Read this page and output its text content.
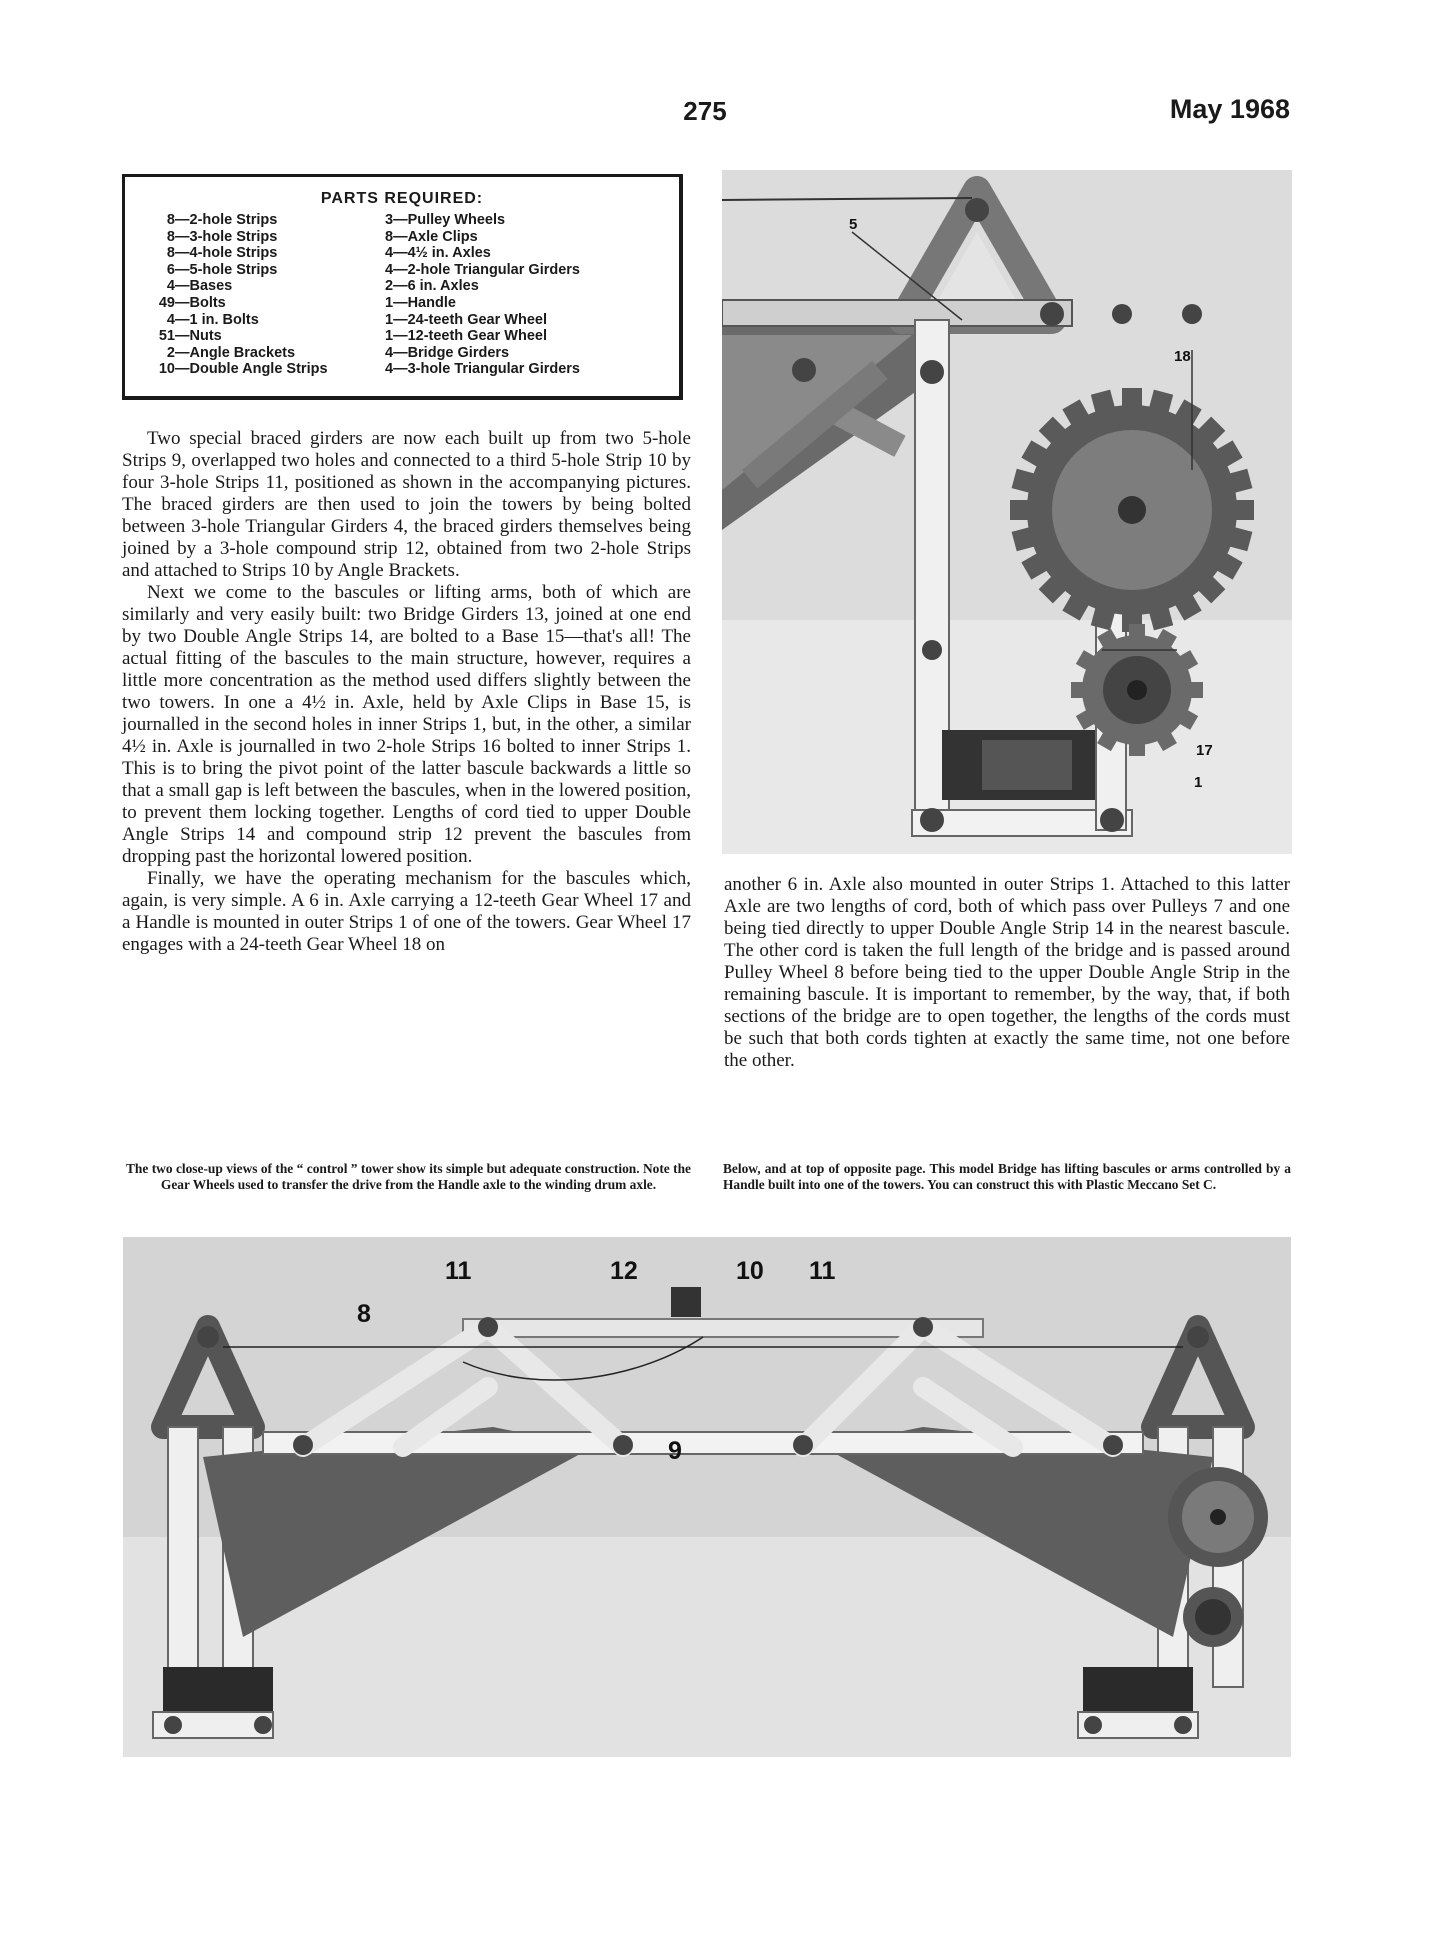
275	May 1968
PARTS REQUIRED:
8 — 2-hole Strips
8 — 3-hole Strips
8 — 4-hole Strips
6 — 5-hole Strips
4 — Bases
49 — Bolts
4 — 1 in. Bolts
51 — Nuts
2 — Angle Brackets
10 — Double Angle Strips
3—Pulley Wheels
8—Axle Clips
4—4½ in. Axles
4—2-hole Triangular Girders
2—6 in. Axles
1—Handle
1—24-teeth Gear Wheel
1—12-teeth Gear Wheel
4—Bridge Girders
4—3-hole Triangular Girders

Two special braced girders are now each built up from two 5-hole Strips 9, overlapped two holes and connected to a third 5-hole Strip 10 by four 3-hole Strips 11, positioned as shown in the accompanying pictures. The braced girders are then used to join the towers by being bolted between 3-hole Triangular Girders 4, the braced girders themselves being joined by a 3-hole compound strip 12, obtained from two 2-hole Strips and attached to Strips 10 by Angle Brackets.

Next we come to the bascules or lifting arms, both of which are similarly and very easily built: two Bridge Girders 13, joined at one end by two Double Angle Strips 14, are bolted to a Base 15—that's all! The actual fitting of the bascules to the main structure, however, requires a little more concentration as the method used differs slightly between the two towers. In one a 4½ in. Axle, held by Axle Clips in Base 15, is journalled in the second holes in inner Strips 1, but, in the other, a similar 4½ in. Axle is journalled in two 2-hole Strips 16 bolted to inner Strips 1. This is to bring the pivot point of the latter bascule backwards a little so that a small gap is left between the bascules, when in the lowered position, to prevent them locking together. Lengths of cord tied to upper Double Angle Strips 14 and compound strip 12 prevent the bascules from dropping past the horizontal lowered position.

Finally, we have the operating mechanism for the bascules which, again, is very simple. A 6 in. Axle carrying a 12-teeth Gear Wheel 17 and a Handle is mounted in outer Strips 1 of one of the towers. Gear Wheel 17 engages with a 24-teeth Gear Wheel 18 on

another 6 in. Axle also mounted in outer Strips 1. Attached to this latter Axle are two lengths of cord, both of which pass over Pulleys 7 and one being tied directly to upper Double Angle Strip 14 in the nearest bascule. The other cord is taken the full length of the bridge and is passed around Pulley Wheel 8 before being tied to the upper Double Angle Strip in the remaining bascule. It is important to remember, by the way, that, if both sections of the bridge are to open together, the lengths of the cords must be such that both cords tighten at exactly the same time, not one before the other.
The two close-up views of the “ control ” tower show its simple but adequate construction. Note the Gear Wheels used to transfer the drive from the Handle axle to the winding drum axle.
Below, and at top of opposite page. This model Bridge has lifting bascules or arms controlled by a Handle built into one of the towers. You can construct this with Plastic Meccano Set C.
5
18
17
1
8
11	12	10 11
9
